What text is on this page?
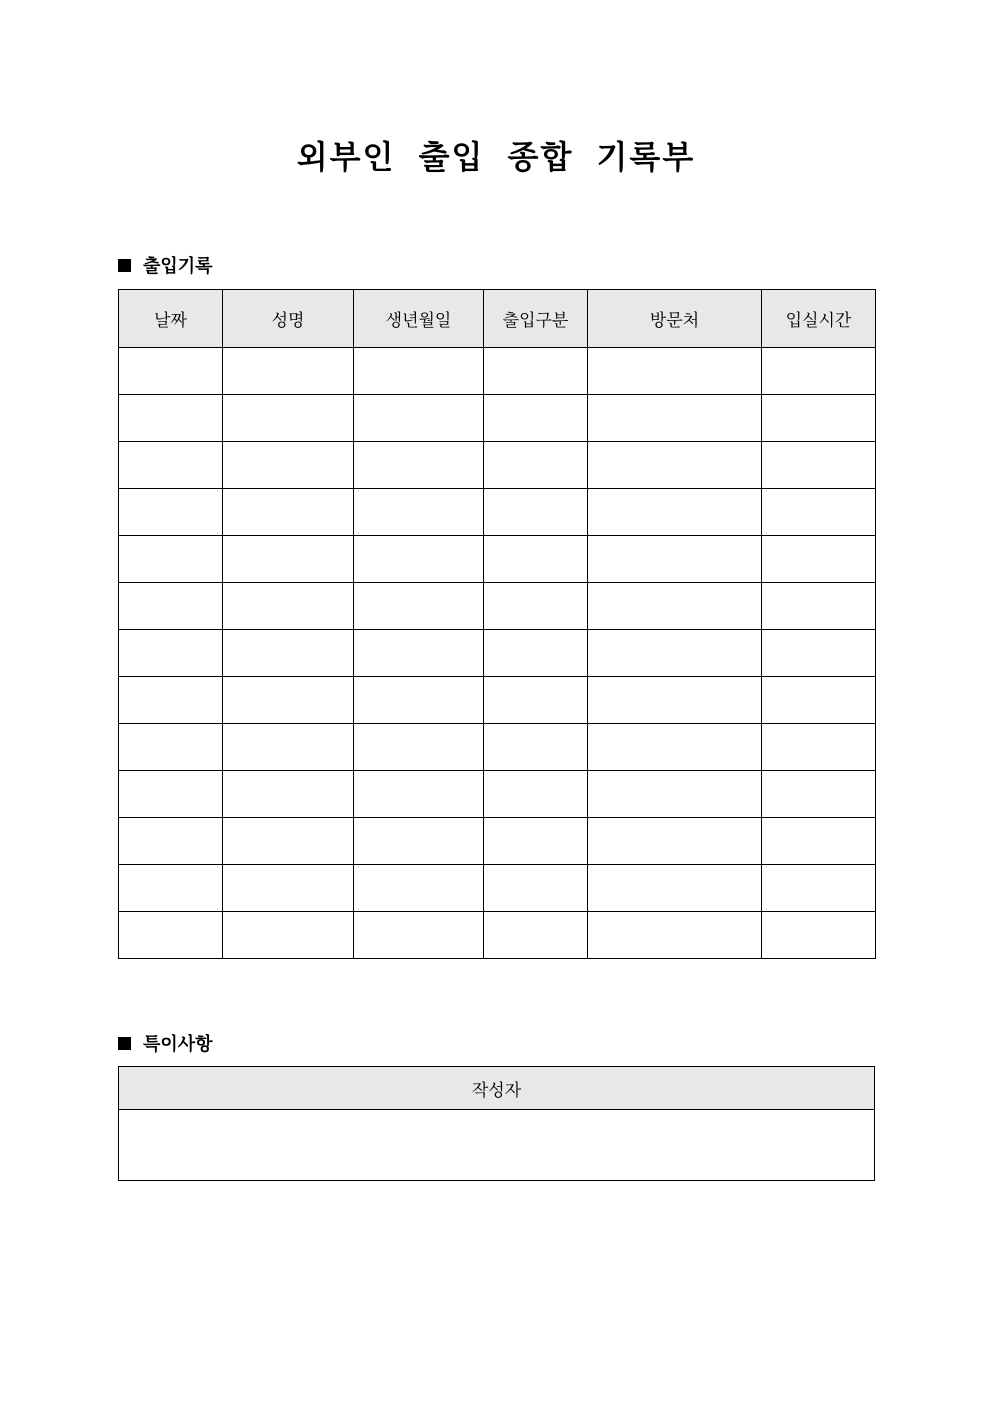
외부인 출입 종합 기록부
출입기록
날짜	성명	생년월일	출입구분	방문처	입실시간

특이사항
작성자
